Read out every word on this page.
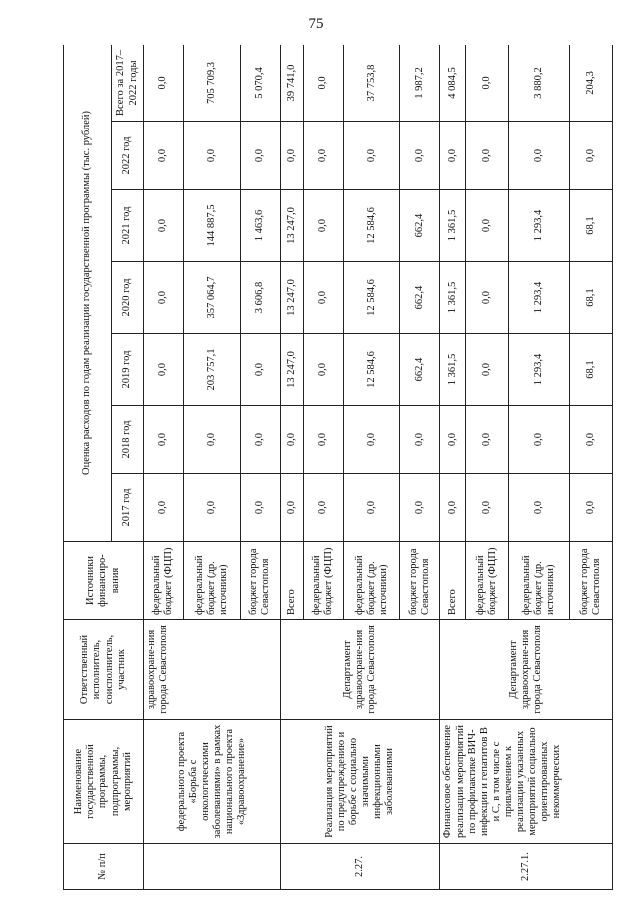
75
№ п/п	Наименование государственной программы, подпрограммы, мероприятий	Ответственный исполнитель, соисполнитель, участник	Источники финансиро-вания	Оценка расходов по годам реализации государственной программы (тыс. рублей)						
				2017 год	2018 год	2019 год	2020 год	2021 год	2022 год	Всего за 2017–2022 годы
	федерального проекта «Борьба с онкологическими заболеваниями» в рамках национального проекта «Здравоохранение»	здравоохране-ния города Севастополя	федеральный бюджет (ФЦП)	0,0	0,0	0,0	0,0	0,0	0,0	0,0
			федеральный бюджет (др. источники)	0,0	0,0	203 757,1	357 064,7	144 887,5	0,0	705 709,3
			бюджет города Севастополя	0,0	0,0	0,0	3 606,8	1 463,6	0,0	5 070,4
2.27.	Реализация мероприятий по предупреждению и борьбе с социально значимыми инфекционными заболеваниями	Департамент здравоохране-ния города Севастополя	Всего	0,0	0,0	13 247,0	13 247,0	13 247,0	0,0	39 741,0
			федеральный бюджет (ФЦП)	0,0	0,0	0,0	0,0	0,0	0,0	0,0
			федеральный бюджет (др. источники)	0,0	0,0	12 584,6	12 584,6	12 584,6	0,0	37 753,8
			бюджет города Севастополя	0,0	0,0	662,4	662,4	662,4	0,0	1 987,2
2.27.1.	Финансовое обеспечение реализации мероприятий по профилактике ВИЧ-инфекции и гепатитов В и С, в том числе с привлечением к реализации указанных мероприятий социально ориентированных некоммерческих	Департамент здравоохране-ния города Севастополя	Всего	0,0	0,0	1 361,5	1 361,5	1 361,5	0,0	4 084,5
			федеральный бюджет (ФЦП)	0,0	0,0	0,0	0,0	0,0	0,0	0,0
			федеральный бюджет (др. источники)	0,0	0,0	1 293,4	1 293,4	1 293,4	0,0	3 880,2
			бюджет города Севастополя	0,0	0,0	68,1	68,1	68,1	0,0	204,3
